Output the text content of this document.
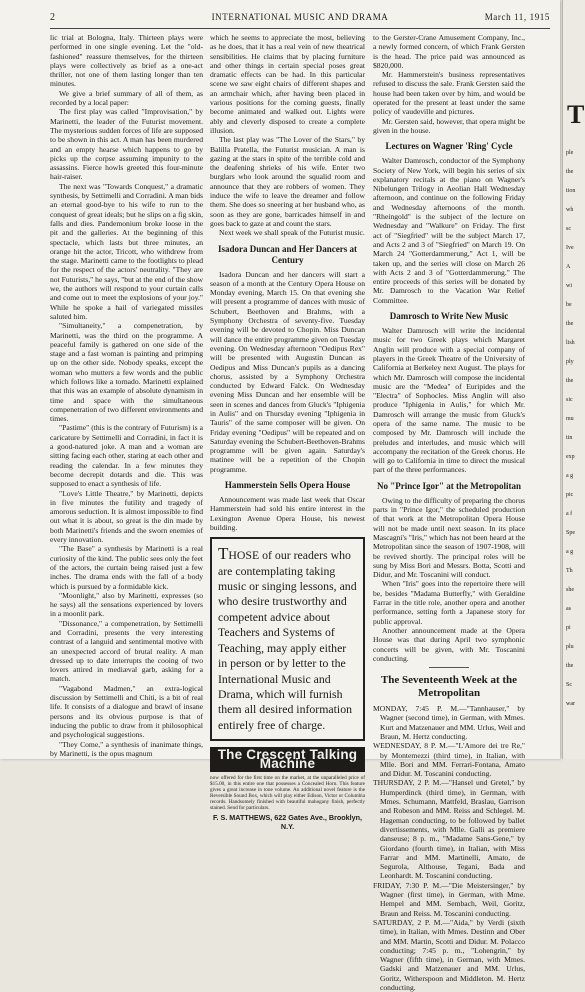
2	INTERNATIONAL MUSIC AND DRAMA	March 11, 1915

lic trial at Bologna, Italy. Thirteen plays were performed in one single evening. Let the "old-fashioned" reassure themselves, for the thirteen plays were collectively as brief as a one-act thriller, not one of them lasting longer than ten minutes.

We give a brief summary of all of them, as recorded by a local paper:

The first play was called "Improvisation," by Marinetti, the leader of the Futurist movement. The mysterious sudden forces of life are supposed to be shown in this act. A man has been murdered and an empty hearse which happens to go by picks up the corpse assuming impunity to the assassins. Fierce howls greeted this four-minute hair-raiser.

The next was "Towards Conquest," a dramatic synthesis, by Settimelli and Corradini. A man bids an eternal good-bye to his wife to run to the conquest of great ideals; but he slips on a fig skin, falls and dies. Pandemonium broke loose in the pit and the galleries. At the beginning of this spectacle, which lasts but three minutes, an orange hit the actor, Tricott, who withdrew from the stage. Marinetti came to the footlights to plead for the respect of the actors' neutrality. "They are not Futurists," he says, "but at the end of the show we, the authors will respond to your curtain calls and come out to meet the explosions of your joy." While he spoke a hail of variegated missiles saluted him.

"Simultaneity," a compenetration, by Marinetti, was the third on the programme. A peaceful family is gathered on one side of the stage and a fast woman is painting and primping up on the other side. Nobody speaks, except the woman who mutters a few words and the public which follows like a tornado. Marinetti explained that this was an example of absolute dynamism in time and space with the simultaneous compenetration of two different environments and times.

"Pastime" (this is the contrary of Futurism) is a caricature by Settimelli and Corradini, in fact it is a good-natured joke. A man and a woman are sitting facing each other, staring at each other and reading the calendar. In a few minutes they become decrepit dotards and die. This was supposed to enact a synthesis of life.

"Love's Little Theatre," by Marinetti, depicts in five minutes the futility and tragedy of amorous seduction. It is almost impossible to find out what it is about, so great is the din made by both Marinetti's friends and the sworn enemies of every innovation.

"The Base" a synthesis by Marinetti is a real curiosity of the kind. The public sees only the feet of the actors, the curtain being raised just a few inches. The drama ends with the fall of a body which is pursued by a formidable kick.

"Moonlight," also by Marinetti, expresses (so he says) all the sensations experienced by lovers in a moonlit park.

"Dissonance," a compenetration, by Settimelli and Corradini, presents the very interesting contrast of a languid and sentimental motive with an unexpected accord of brutal reality. A man dressed up to date interrupts the cooing of two lovers attired in mediæval garb, asking for a match.

"Vagabond Madmen," an extra-logical discussion by Settimelli and Chiti, is a bit of real life. It consists of a dialogue and brawl of insane persons and its obvious purpose is that of inducing the public to draw from it philosophical and psychological suggestions.

"They Come," a synthesis of inanimate things, by Marinetti, is the opus magnum

which he seems to appreciate the most, believing as he does, that it has a real vein of new theatrical sensibilities. He claims that by placing furniture and other things in certain special poses great dramatic effects can be had. In this particular scene we saw eight chairs of different shapes and an armchair which, after having been placed in various positions for the coming guests, finally become animated and walked out. Lights were ably and cleverly disposed to create a complete illusion.

The last play was "The Lover of the Stars," by Balilla Pratella, the Futurist musician. A man is gazing at the stars in spite of the terrible cold and the deafening shrieks of his wife. Enter two burglars who look around the squalid room and announce that they are robbers of women. They induce the wife to leave the dreamer and follow them. She does so sneering at her husband who, as soon as they are gone, barricades himself in and goes back to gaze at and count the stars.

Next week we shall speak of the Futurist music.

Isadora Duncan and Her Dancers at Century

Isadora Duncan and her dancers will start a season of a month at the Century Opera House on Monday evening, March 15. On that evening she will present a programme of dances with music of Schubert, Beethoven and Brahms, with a Symphony Orchestra of seventy-five. Tuesday evening will be devoted to Chopin. Miss Duncan will dance the entire programme given on Tuesday evening. On Wednesday afternoon "Oedipus Rex" will be presented with Augustin Duncan as Oedipus and Miss Duncan's pupils as a dancing chorus, assisted by a Symphony Orchestra conducted by Edward Falck. On Wednesday evening Miss Duncan and her ensemble will be seen in scenes and dances from Gluck's "Iphigenia in Aulis" and on Thursday evening "Iphigenia in Tauris" of the same composer will be given. On Friday evening "Oedipus" will be repeated and on Saturday evening the Schubert-Beethoven-Brahms programme will be given again. Saturday's matinee will be a repetition of the Chopin programme.

Hammerstein Sells Opera House

Announcement was made last week that Oscar Hammerstein had sold his entire interest in the Lexington Avenue Opera House, his newest building.

THOSE of our readers who are contemplating taking music or singing lessons, and who desire trustworthy and competent advice about Teachers and Systems of Teaching, may apply either in person or by letter to the International Music and Drama, which will furnish them all desired information entirely free of charge.
The Crescent Talking Machine
now offered for the first time on the market, at the unparalleled price of $15.00, in this entire one that possesses a Concealed Horn. This feature gives a great increase in tone volume. An additional novel feature is the Reversible Sound Box, which will play either Edison, Victor or Columbia records. Handsomely finished with beautiful mahogany finish, perfectly stained. Send for particulars.
F. S. MATTHEWS, 622 Gates Ave., Brooklyn, N.Y.

to the Gerster-Crane Amusement Company, Inc., a newly formed concern, of which Frank Gersten is the head. The price paid was announced as $820,000.

Mr. Hammerstein's business representatives refused to discuss the sale. Frank Gersten said the house had been taken over by him, and would be operated for the present at least under the same policy of vaudeville and pictures.

Mr. Gersten said, however, that opera might be given in the house.

Lectures on Wagner 'Ring' Cycle

Walter Damrosch, conductor of the Symphony Society of New York, will begin his series of six explanatory recitals at the piano on Wagner's Nibelungen Trilogy in Aeolian Hall Wednesday afternoon, and continue on the following Friday and Wednesday afternoons of the month. "Rheingold" is the subject of the lecture on Wednesday and "Walkure" on Friday. The first act of "Siegfried" will be the subject March 17, and Acts 2 and 3 of "Siegfried" on March 19. On March 24 "Gotterdammerung," Act 1, will be taken up, and the series will close on March 26 with Acts 2 and 3 of "Gotterdammerung." The entire proceeds of this series will be donated by Mr. Damrosch to the Vacation War Relief Committee.

Damrosch to Write New Music

Walter Damrosch will write the incidental music for two Greek plays which Margaret Anglin will produce with a special company of players in the Greek Theatre of the University of California at Berkeley next August. The plays for which Mr. Damrosch will compose the incidental music are the "Medea" of Euripides and the "Electra" of Sophocles. Miss Anglin will also produce "Iphigenia in Aulis," for which Mr. Damrosch will arrange the music from Gluck's opera of the same name. The music to be composed by Mr. Damrosch will include the preludes and interludes, and music which will accompany the recitation of the Greek chorus. He will go to California in time to direct the musical part of the three performances.

No "Prince Igor" at the Metropolitan

Owing to the difficulty of preparing the chorus parts in "Prince Igor," the scheduled production of that work at the Metropolitan Opera House will not be made until next season. In its place Mascagni's "Iris," which has not been heard at the Metropolitan since the season of 1907-1908, will be revived shortly. The principal roles will be sung by Miss Bori and Messrs. Botta, Scotti and Didur, and Mr. Toscanini will conduct.

When "Iris" goes into the repertoire there will be, besides "Madama Butterfly," with Geraldine Farrar in the title role, another opera and another performance, setting forth a Japanese story for public approval.

Another announcement made at the Opera House was that during April two symphonic concerts will be given, with Mr. Toscanini conducting.

The Seventeenth Week at the Metropolitan

MONDAY, 7:45 P. M.—"Tannhauser," by Wagner (second time), in German, with Mmes. Kurt and Matzenauer and MM. Urlus, Weil and Braun, M. Hertz conducting.

WEDNESDAY, 8 P. M.—"L'Amore dei tre Re," by Montemezzi (third time), in Italian, with Mlle. Bori and MM. Ferrari-Fontana, Amato and Didur. M. Toscanini conducting.

THURSDAY, 2 P. M.—"Hansel und Gretel," by Humperdinck (third time), in German, with Mmes. Schumann, Mattfeld, Braslau, Garrison and Robeson and MM. Reiss and Schlegel. M. Hageman conducting, to be followed by ballet divertissements, with Mlle. Galli as premiere danseuse; 8 p. m., "Madame Sans-Gene," by Giordano (fourth time), in Italian, with Miss Farrar and MM. Martinelli, Amato, de Segurola, Althouse, Tegani, Bada and Leonhardt. M. Toscanini conducting.

FRIDAY, 7:30 P. M.—"Die Meistersinger," by Wagner (first time), in German, with Mme. Hempel and MM. Sembach, Weil, Goritz, Braun and Reiss. M. Toscanini conducting.

SATURDAY, 2 P. M.—"Aida," by Verdi (sixth time), in Italian, with Mmes. Destinn and Ober and MM. Martin, Scotti and Didur. M. Polacco conducting; 7:45 p. m., "Lohengrin," by Wagner (fifth time), in German, with Mmes. Gadski and Matzenauer and MM. Urlus, Goritz, Witherspoon and Middleton. M. Hertz conducting.

T
ple
the
tion
wh
sc
Ive
A
wi
be
the
lish
ply
the
sic
mu
tin
exp
a g
pic
a f
Spe
a g
Th
she
as
pi
plu
the
Sc
war
